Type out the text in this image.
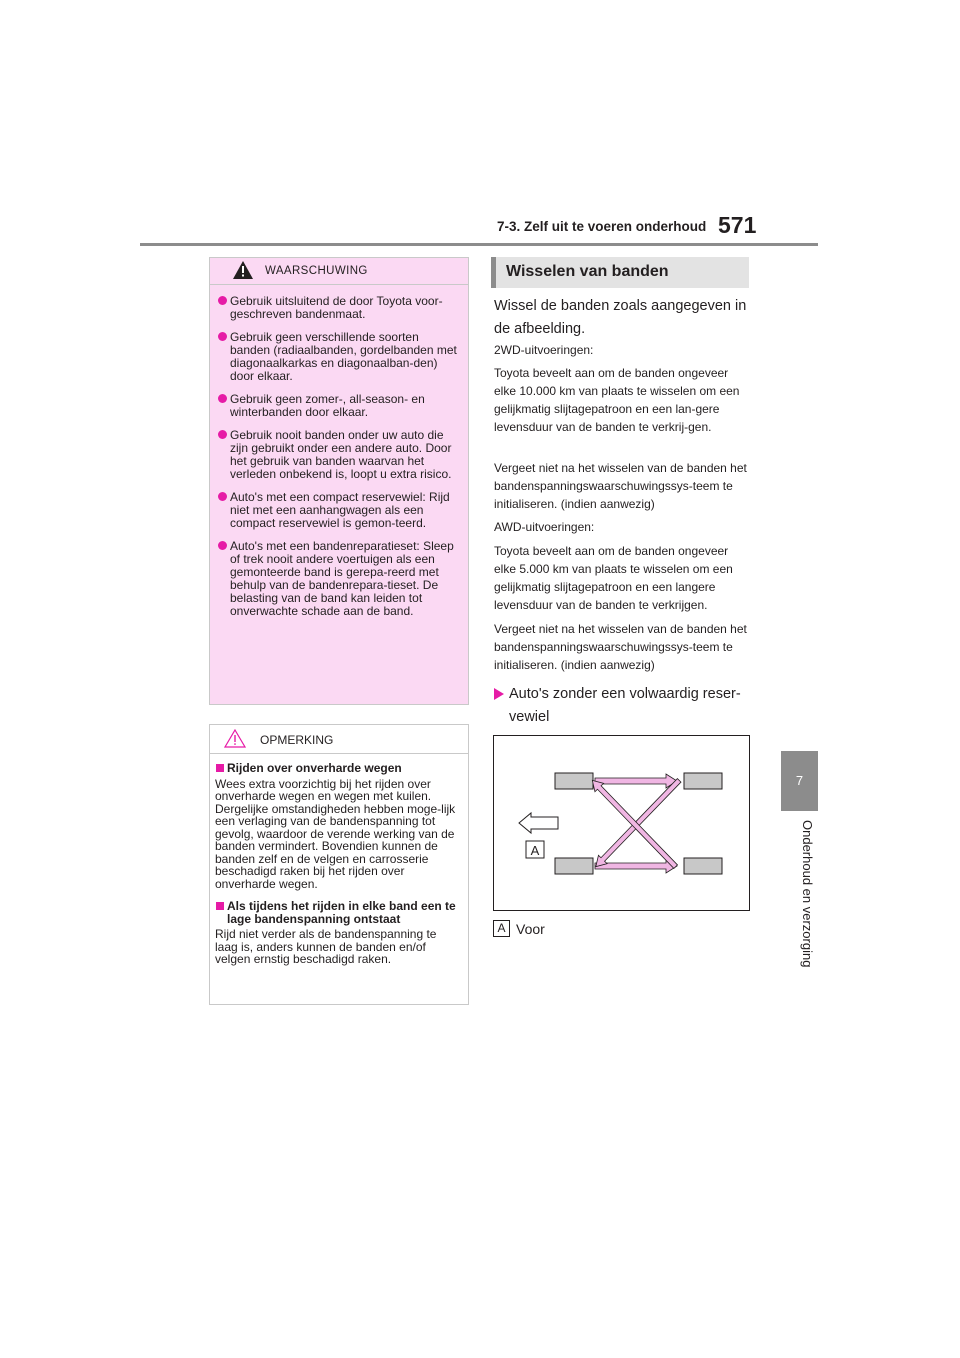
7-3. Zelf uit te voeren onderhoud 571
7
Onderhoud en verzorging
WAARSCHUWING
Gebruik uitsluitend de door Toyota voor-geschreven bandenmaat.
Gebruik geen verschillende soorten banden (radiaalbanden, gordelbanden met diagonaalkarkas en diagonaalban-den) door elkaar.
Gebruik geen zomer-, all-season- en winterbanden door elkaar.
Gebruik nooit banden onder uw auto die zijn gebruikt onder een andere auto. Door het gebruik van banden waarvan het verleden onbekend is, loopt u extra risico.
Auto's met een compact reservewiel: Rijd niet met een aanhangwagen als een compact reservewiel is gemon-teerd.
Auto's met een bandenreparatieset: Sleep of trek nooit andere voertuigen als een gemonteerde band is gerepa-reerd met behulp van de bandenrepara-tieset. De belasting van de band kan leiden tot onverwachte schade aan de band.
OPMERKING
Rijden over onverharde wegen
Wees extra voorzichtig bij het rijden over onverharde wegen en wegen met kuilen. Dergelijke omstandigheden hebben moge-lijk een verlaging van de bandenspanning tot gevolg, waardoor de verende werking van de banden vermindert. Bovendien kunnen de banden zelf en de velgen en carrosserie beschadigd raken bij het rijden over onverharde wegen.
Als tijdens het rijden in elke band een te lage bandenspanning ontstaat
Rijd niet verder als de bandenspanning te laag is, anders kunnen de banden en/of velgen ernstig beschadigd raken.
Wisselen van banden
Wissel de banden zoals aangegeven in de afbeelding.
2WD-uitvoeringen:
Toyota beveelt aan om de banden ongeveer elke 10.000 km van plaats te wisselen om een gelijkmatig slijtagepatroon en een lan-gere levensduur van de banden te verkrij-gen.
Vergeet niet na het wisselen van de banden het bandenspanningswaarschuwingssys-teem te initialiseren. (indien aanwezig)
AWD-uitvoeringen:
Toyota beveelt aan om de banden ongeveer elke 5.000 km van plaats te wisselen om een gelijkmatig slijtagepatroon en een langere levensduur van de banden te verkrijgen.
Vergeet niet na het wisselen van de banden het bandenspanningswaarschuwingssys-teem te initialiseren. (indien aanwezig)
Auto's zonder een volwaardig reser-vewiel
A
A Voor
